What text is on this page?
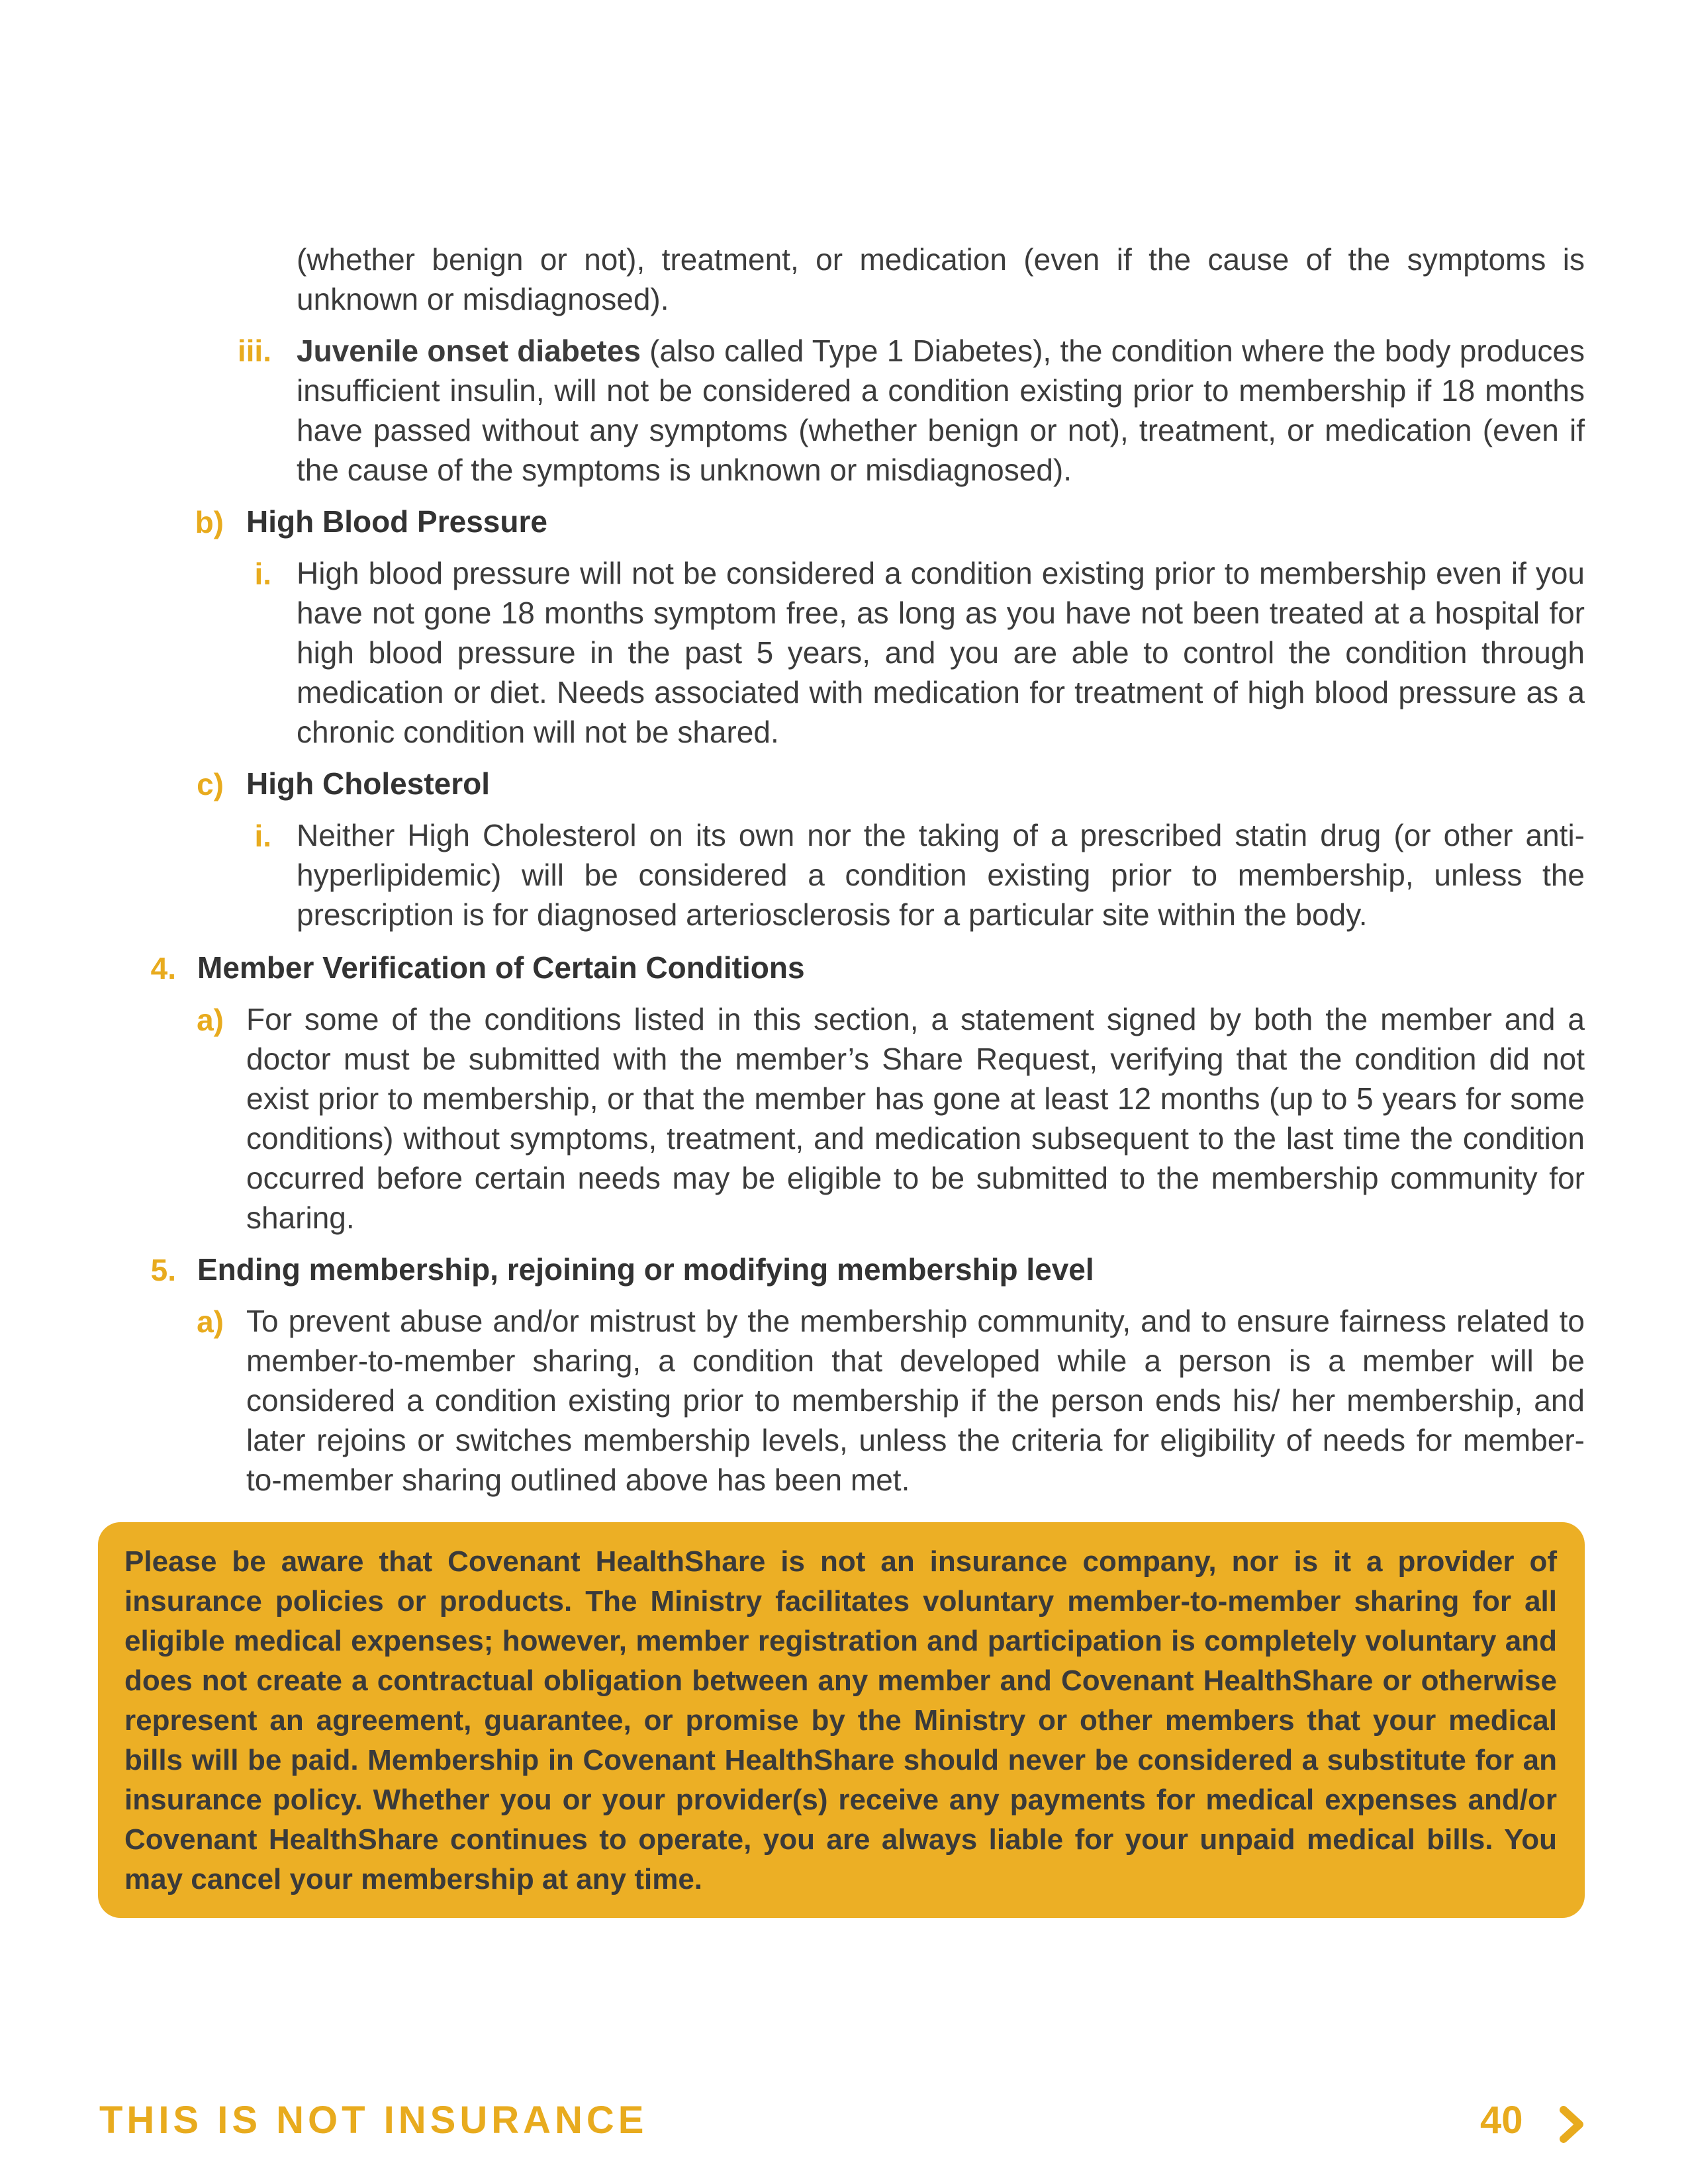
(whether benign or not), treatment, or medication (even if the cause of the symptoms is unknown or misdiagnosed).
iii. Juvenile onset diabetes (also called Type 1 Diabetes), the condition where the body produces insufficient insulin, will not be considered a condition existing prior to membership if 18 months have passed without any symptoms (whether benign or not), treatment, or medication (even if the cause of the symptoms is unknown or misdiagnosed).
b) High Blood Pressure
i. High blood pressure will not be considered a condition existing prior to membership even if you have not gone 18 months symptom free, as long as you have not been treated at a hospital for high blood pressure in the past 5 years, and you are able to control the condition through medication or diet. Needs associated with medication for treatment of high blood pressure as a chronic condition will not be shared.
c) High Cholesterol
i. Neither High Cholesterol on its own nor the taking of a prescribed statin drug (or other anti-hyperlipidemic) will be considered a condition existing prior to membership, unless the prescription is for diagnosed arteriosclerosis for a particular site within the body.
4. Member Verification of Certain Conditions
a) For some of the conditions listed in this section, a statement signed by both the member and a doctor must be submitted with the member’s Share Request, verifying that the condition did not exist prior to membership, or that the member has gone at least 12 months (up to 5 years for some conditions) without symptoms, treatment, and medication subsequent to the last time the condition occurred before certain needs may be eligible to be submitted to the membership community for sharing.
5. Ending membership, rejoining or modifying membership level
a) To prevent abuse and/or mistrust by the membership community, and to ensure fairness related to member-to-member sharing, a condition that developed while a person is a member will be considered a condition existing prior to membership if the person ends his/ her membership, and later rejoins or switches membership levels, unless the criteria for eligibility of needs for member-to-member sharing outlined above has been met.
Please be aware that Covenant HealthShare is not an insurance company, nor is it a provider of insurance policies or products. The Ministry facilitates voluntary member-to-member sharing for all eligible medical expenses; however, member registration and participation is completely voluntary and does not create a contractual obligation between any member and Covenant HealthShare or otherwise represent an agreement, guarantee, or promise by the Ministry or other members that your medical bills will be paid. Membership in Covenant HealthShare should never be considered a substitute for an insurance policy. Whether you or your provider(s) receive any payments for medical expenses and/or Covenant HealthShare continues to operate, you are always liable for your unpaid medical bills. You may cancel your membership at any time.
THIS IS NOT INSURANCE	40
